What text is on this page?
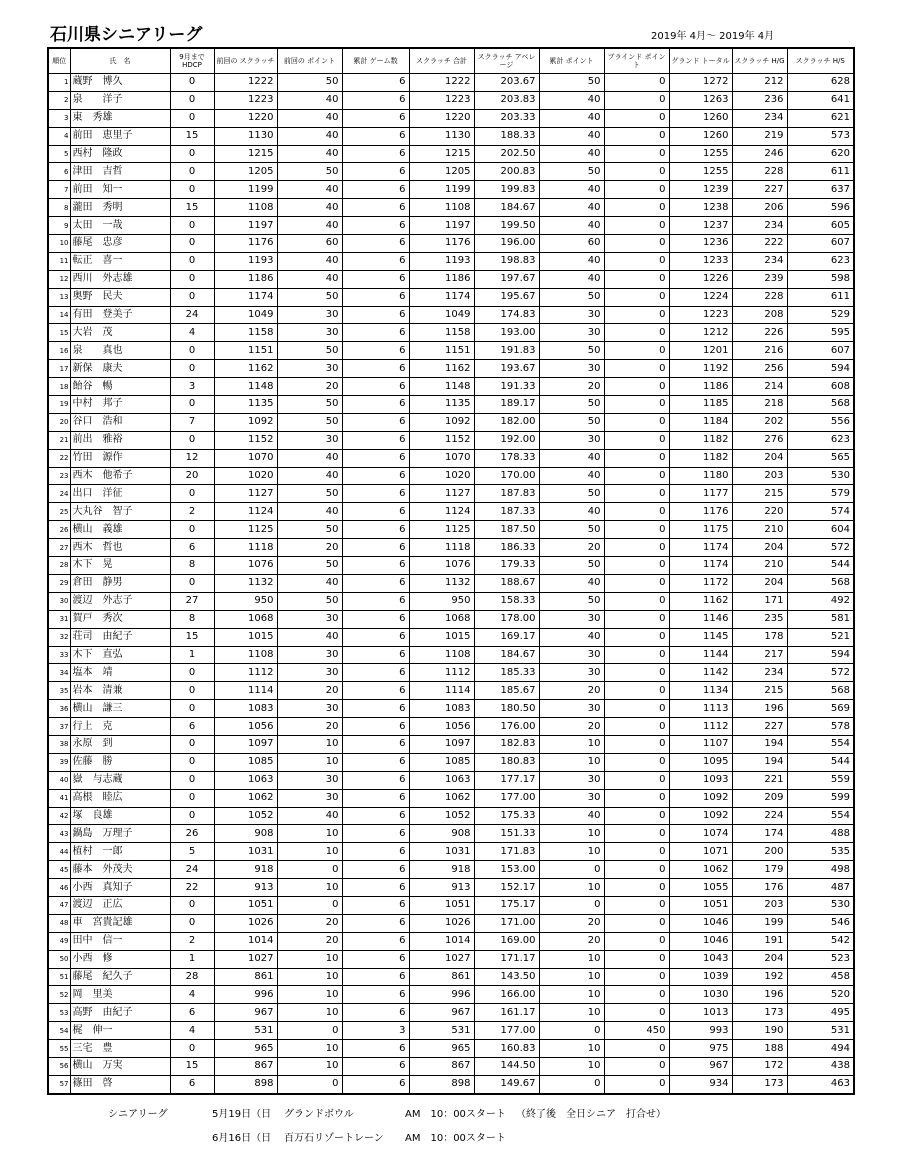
石川県シニアリーグ	2019年 4月～ 2019年 4月
順位	氏　名	9月まで HDCP	前回の スクラッチ	前回の ポイント	累計 ゲーム数	スクラッチ 合計	スクラッチ アベレージ	累計 ポイント	ブラインド ポイント	グランド トータル	スクラッチ H/G	スクラッチ H/S
1	蔵野　博久	0	1222	50	6	1222	203.67	50	0	1272	212	628
2	泉　　洋子	0	1223	40	6	1223	203.83	40	0	1263	236	641
3	東　秀雄	0	1220	40	6	1220	203.33	40	0	1260	234	621
4	前田　恵里子	15	1130	40	6	1130	188.33	40	0	1260	219	573
5	西村　隆政	0	1215	40	6	1215	202.50	40	0	1255	246	620
6	津田　吉哲	0	1205	50	6	1205	200.83	50	0	1255	228	611
7	前田　知一	0	1199	40	6	1199	199.83	40	0	1239	227	637
8	瀧田　秀明	15	1108	40	6	1108	184.67	40	0	1238	206	596
9	太田　一哉	0	1197	40	6	1197	199.50	40	0	1237	234	605
10	藤尾　忠彦	0	1176	60	6	1176	196.00	60	0	1236	222	607
11	転正　喜一	0	1193	40	6	1193	198.83	40	0	1233	234	623
12	西川　外志雄	0	1186	40	6	1186	197.67	40	0	1226	239	598
13	奥野　民夫	0	1174	50	6	1174	195.67	50	0	1224	228	611
14	有田　登美子	24	1049	30	6	1049	174.83	30	0	1223	208	529
15	大岩　茂	4	1158	30	6	1158	193.00	30	0	1212	226	595
16	泉　　真也	0	1151	50	6	1151	191.83	50	0	1201	216	607
17	新保　康夫	0	1162	30	6	1162	193.67	30	0	1192	256	594
18	飴谷　暢	3	1148	20	6	1148	191.33	20	0	1186	214	608
19	中村　邦子	0	1135	50	6	1135	189.17	50	0	1185	218	568
20	谷口　浩和	7	1092	50	6	1092	182.00	50	0	1184	202	556
21	前出　雅裕	0	1152	30	6	1152	192.00	30	0	1182	276	623
22	竹田　源作	12	1070	40	6	1070	178.33	40	0	1182	204	565
23	西木　他希子	20	1020	40	6	1020	170.00	40	0	1180	203	530
24	出口　洋征	0	1127	50	6	1127	187.83	50	0	1177	215	579
25	大丸谷　智子	2	1124	40	6	1124	187.33	40	0	1176	220	574
26	横山　義雄	0	1125	50	6	1125	187.50	50	0	1175	210	604
27	西木　哲也	6	1118	20	6	1118	186.33	20	0	1174	204	572
28	木下　晃	8	1076	50	6	1076	179.33	50	0	1174	210	544
29	倉田　静男	0	1132	40	6	1132	188.67	40	0	1172	204	568
30	渡辺　外志子	27	950	50	6	950	158.33	50	0	1162	171	492
31	賀戸　秀次	8	1068	30	6	1068	178.00	30	0	1146	235	581
32	荘司　由紀子	15	1015	40	6	1015	169.17	40	0	1145	178	521
33	木下　直弘	1	1108	30	6	1108	184.67	30	0	1144	217	594
34	塩本　靖	0	1112	30	6	1112	185.33	30	0	1142	234	572
35	岩本　清兼	0	1114	20	6	1114	185.67	20	0	1134	215	568
36	横山　謙三	0	1083	30	6	1083	180.50	30	0	1113	196	569
37	行上　克	6	1056	20	6	1056	176.00	20	0	1112	227	578
38	永原　到	0	1097	10	6	1097	182.83	10	0	1107	194	554
39	佐藤　勝	0	1085	10	6	1085	180.83	10	0	1095	194	544
40	嶽　与志蔵	0	1063	30	6	1063	177.17	30	0	1093	221	559
41	高根　睦広	0	1062	30	6	1062	177.00	30	0	1092	209	599
42	塚　良雄	0	1052	40	6	1052	175.33	40	0	1092	224	554
43	鍋島　万理子	26	908	10	6	908	151.33	10	0	1074	174	488
44	植村　一郎	5	1031	10	6	1031	171.83	10	0	1071	200	535
45	藤本　外茂夫	24	918	0	6	918	153.00	0	0	1062	179	498
46	小西　真知子	22	913	10	6	913	152.17	10	0	1055	176	487
47	渡辺　正広	0	1051	0	6	1051	175.17	0	0	1051	203	530
48	車　宮貴記雄	0	1026	20	6	1026	171.00	20	0	1046	199	546
49	田中　信一	2	1014	20	6	1014	169.00	20	0	1046	191	542
50	小西　修	1	1027	10	6	1027	171.17	10	0	1043	204	523
51	藤尾　紀久子	28	861	10	6	861	143.50	10	0	1039	192	458
52	岡　里美	4	996	10	6	996	166.00	10	0	1030	196	520
53	高野　由紀子	6	967	10	6	967	161.17	10	0	1013	173	495
54	梶　伸一	4	531	0	3	531	177.00	0	450	993	190	531
55	三宅　豊	0	965	10	6	965	160.83	10	0	975	188	494
56	横山　万実	15	867	10	6	867	144.50	10	0	967	172	438
57	篠田　啓	6	898	0	6	898	149.67	0	0	934	173	463
シニアリーグ	5月19日（日 グランドボウル	AM　10：00スタート （終了後　全日シニア　打合せ）
6月16日（日 百万石リゾートレーン AM　10：00スタート
